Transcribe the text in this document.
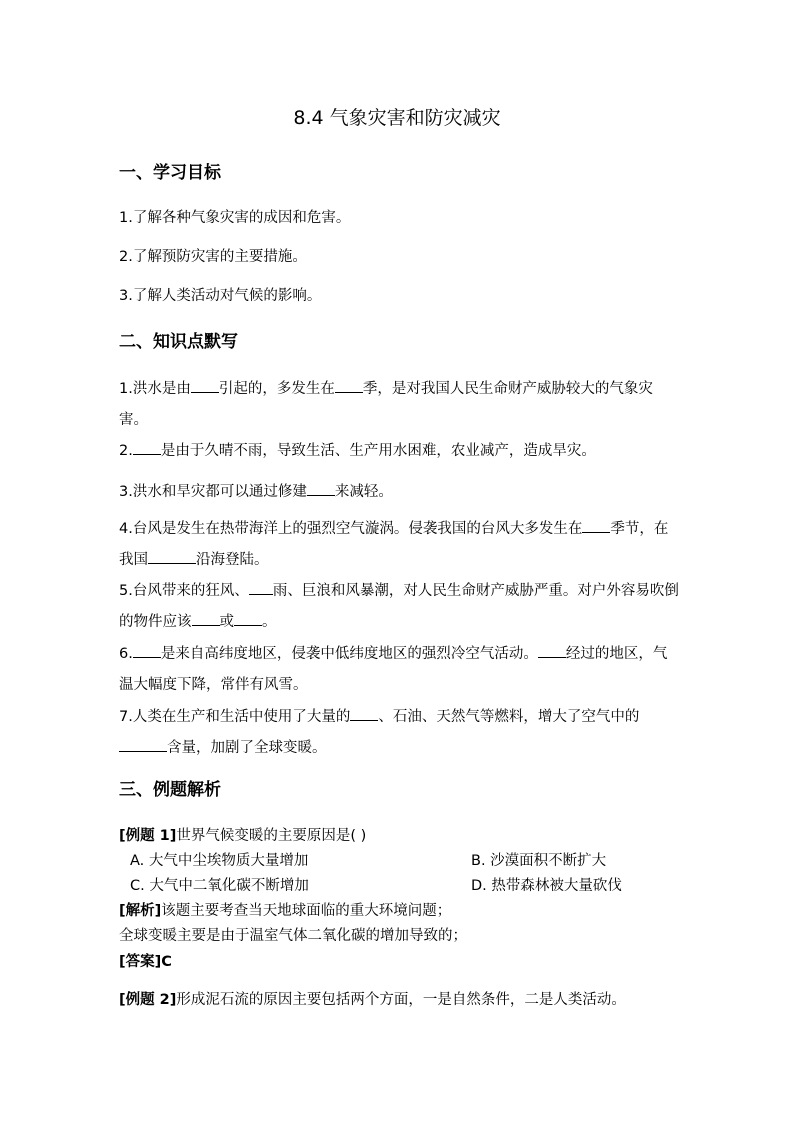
8.4 气象灾害和防灾减灾
一、学习目标

1.了解各种气象灾害的成因和危害。

2.了解预防灾害的主要措施。

3.了解人类活动对气候的影响。

二、知识点默写

1.洪水是由 引起的，多发生在 季，是对我国人民生命财产威胁较大的气象灾害。

2. 是由于久晴不雨，导致生活、生产用水困难，农业减产，造成旱灾。

3.洪水和旱灾都可以通过修建 来减轻。

4.台风是发生在热带海洋上的强烈空气漩涡。侵袭我国的台风大多发生在 季节，在我国	沿海登陆。

5.台风带来的狂风、 雨、巨浪和风暴潮，对人民生命财产威胁严重。对户外容易吹倒的物件应该 或 。

6. 是来自高纬度地区，侵袭中低纬度地区的强烈冷空气活动。 经过的地区，气温大幅度下降，常伴有风雪。

7.人类在生产和生活中使用了大量的 、石油、天然气等燃料，增大了空气中的含量，加剧了全球变暖。

三、例题解析

[例题 1]世界气候变暖的主要原因是( )

A. 大气中尘埃物质大量增加	B. 沙漠面积不断扩大

C. 大气中二氧化碳不断增加	D. 热带森林被大量砍伐

[解析]该题主要考查当天地球面临的重大环境问题；

全球变暖主要是由于温室气体二氧化碳的增加导致的；

[答案]C

[例题 2]形成泥石流的原因主要包括两个方面，一是自然条件，二是人类活动。
